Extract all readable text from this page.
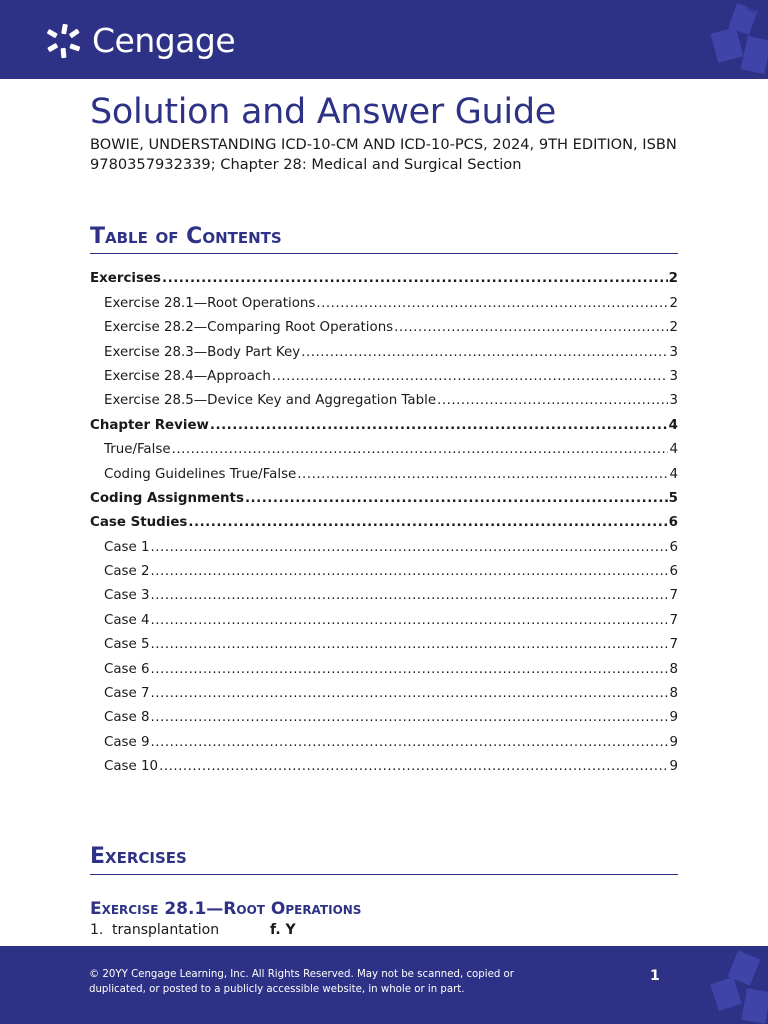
Cengage
Solution and Answer Guide
BOWIE, UNDERSTANDING ICD-10-CM AND ICD-10-PCS, 2024, 9TH EDITION, ISBN 9780357932339; Chapter 28: Medical and Surgical Section
Table of Contents
Exercises .....	2
Exercise 28.1—Root Operations .....	2
Exercise 28.2—Comparing Root Operations .....	2
Exercise 28.3—Body Part Key .....	3
Exercise 28.4—Approach .....	3
Exercise 28.5—Device Key and Aggregation Table .....	3
Chapter Review .....	4
True/False .....	4
Coding Guidelines True/False .....	4
Coding Assignments .....	5
Case Studies .....	6
Case 1 .....	6
Case 2 .....	6
Case 3 .....	7
Case 4 .....	7
Case 5 .....	7
Case 6 .....	8
Case 7 .....	8
Case 8 .....	9
Case 9 .....	9
Case 10 .....	9
Exercises
Exercise 28.1—Root Operations
1. transplantation	f. Y
© 20YY Cengage Learning, Inc. All Rights Reserved. May not be scanned, copied or duplicated, or posted to a publicly accessible website, in whole or in part.
1
